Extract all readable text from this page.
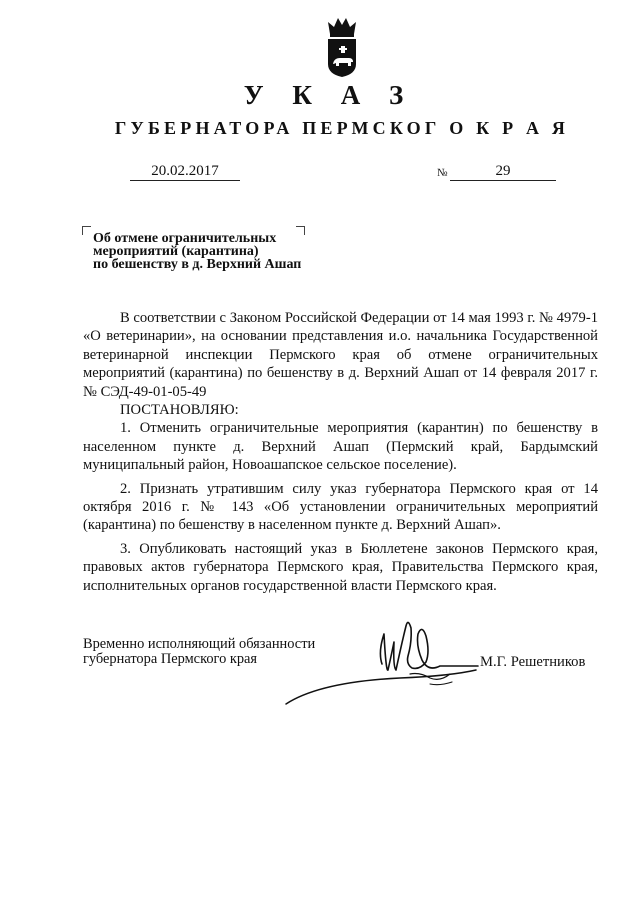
У К А З
ГУБЕРНАТОРА ПЕРМСКОГ О К Р А Я
20.02.2017	№	29
Об отмене ограничительных
мероприятий (карантина)
по бешенству в д. Верхний Ашап

В соответствии с Законом Российской Федерации от 14 мая 1993 г. № 4979-1 «О ветеринарии», на основании представления и.о. начальника Государственной ветеринарной инспекции Пермского края об отмене ограничительных мероприятий (карантина) по бешенству в д. Верхний Ашап от 14 февраля 2017 г. № СЭД-49-01-05-49

ПОСТАНОВЛЯЮ:

1. Отменить ограничительные мероприятия (карантин) по бешенству в населенном пункте д. Верхний Ашап (Пермский край, Бардымский муниципальный район, Новоашапское сельское поселение).

2. Признать утратившим силу указ губернатора Пермского края от 14 октября 2016 г. № 143 «Об установлении ограничительных мероприятий (карантина) по бешенству в населенном пункте д. Верхний Ашап».

3. Опубликовать настоящий указ в Бюллетене законов Пермского края, правовых актов губернатора Пермского края, Правительства Пермского края, исполнительных органов государственной власти Пермского края.

Временно исполняющий обязанности
губернатора Пермского края	М.Г. Решетников
